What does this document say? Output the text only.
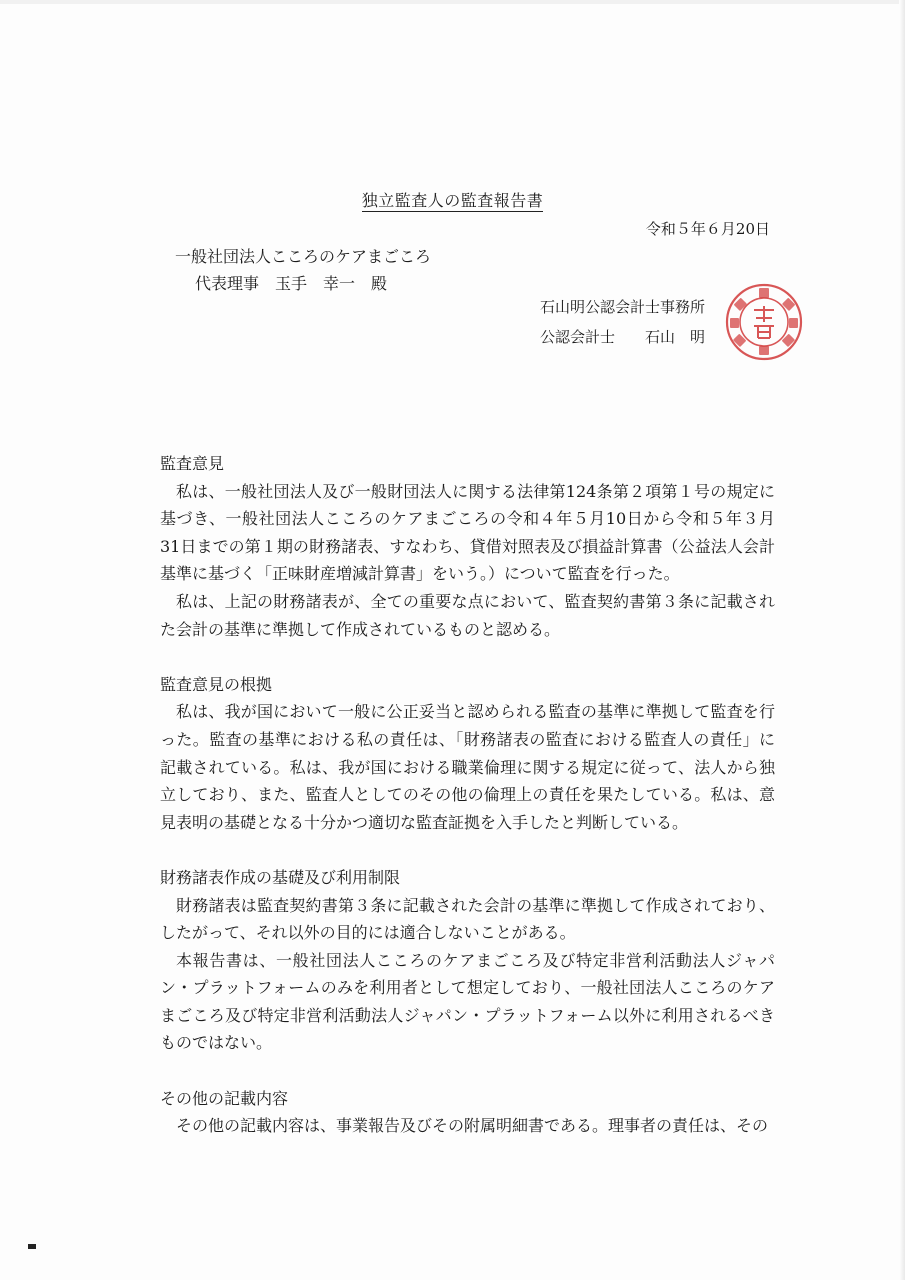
独立監査人の監査報告書
令和５年６月20日
一般社団法人こころのケアまごころ
代表理事　玉手　幸一　殿
石山明公認会計士事務所
公認会計士　　石山　明

監査意見

私は、一般社団法人及び一般財団法人に関する法律第124条第２項第１号の規定に基づき、一般社団法人こころのケアまごころの令和４年５月10日から令和５年３月31日までの第１期の財務諸表、すなわち、貸借対照表及び損益計算書（公益法人会計基準に基づく「正味財産増減計算書」をいう。）について監査を行った。

私は、上記の財務諸表が、全ての重要な点において、監査契約書第３条に記載された会計の基準に準拠して作成されているものと認める。

監査意見の根拠

私は、我が国において一般に公正妥当と認められる監査の基準に準拠して監査を行った。監査の基準における私の責任は、「財務諸表の監査における監査人の責任」に記載されている。私は、我が国における職業倫理に関する規定に従って、法人から独立しており、また、監査人としてのその他の倫理上の責任を果たしている。私は、意見表明の基礎となる十分かつ適切な監査証拠を入手したと判断している。

財務諸表作成の基礎及び利用制限

財務諸表は監査契約書第３条に記載された会計の基準に準拠して作成されており、したがって、それ以外の目的には適合しないことがある。

本報告書は、一般社団法人こころのケアまごころ及び特定非営利活動法人ジャパン・プラットフォームのみを利用者として想定しており、一般社団法人こころのケアまごころ及び特定非営利活動法人ジャパン・プラットフォーム以外に利用されるべきものではない。

その他の記載内容

その他の記載内容は、事業報告及びその附属明細書である。理事者の責任は、その
